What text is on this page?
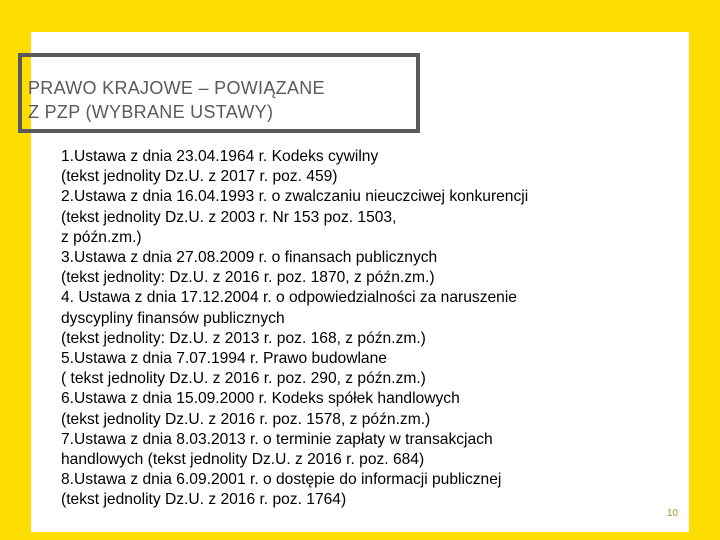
PRAWO KRAJOWE – POWIĄZANE
Z PZP (WYBRANE USTAWY)
1.Ustawa z dnia 23.04.1964 r. Kodeks cywilny
(tekst jednolity Dz.U. z 2017 r. poz. 459)
2.Ustawa z dnia 16.04.1993 r. o zwalczaniu nieuczciwej konkurencji
(tekst jednolity Dz.U. z 2003 r. Nr 153 poz. 1503,
z późn.zm.)
3.Ustawa z dnia 27.08.2009 r. o finansach publicznych
(tekst jednolity: Dz.U. z 2016 r. poz. 1870, z późn.zm.)
4. Ustawa z dnia 17.12.2004 r. o odpowiedzialności za naruszenie
dyscypliny finansów publicznych
(tekst jednolity: Dz.U. z 2013 r. poz. 168, z późn.zm.)
5.Ustawa z dnia 7.07.1994 r. Prawo budowlane
( tekst jednolity Dz.U. z 2016 r. poz. 290, z późn.zm.)
6.Ustawa z dnia 15.09.2000 r. Kodeks spółek handlowych
(tekst jednolity Dz.U. z 2016 r. poz. 1578, z późn.zm.)
7.Ustawa z dnia 8.03.2013 r. o terminie zapłaty w transakcjach
handlowych (tekst jednolity Dz.U. z 2016 r. poz. 684)
8.Ustawa z dnia 6.09.2001 r. o dostępie do informacji publicznej
(tekst jednolity Dz.U. z 2016 r. poz. 1764)
10
